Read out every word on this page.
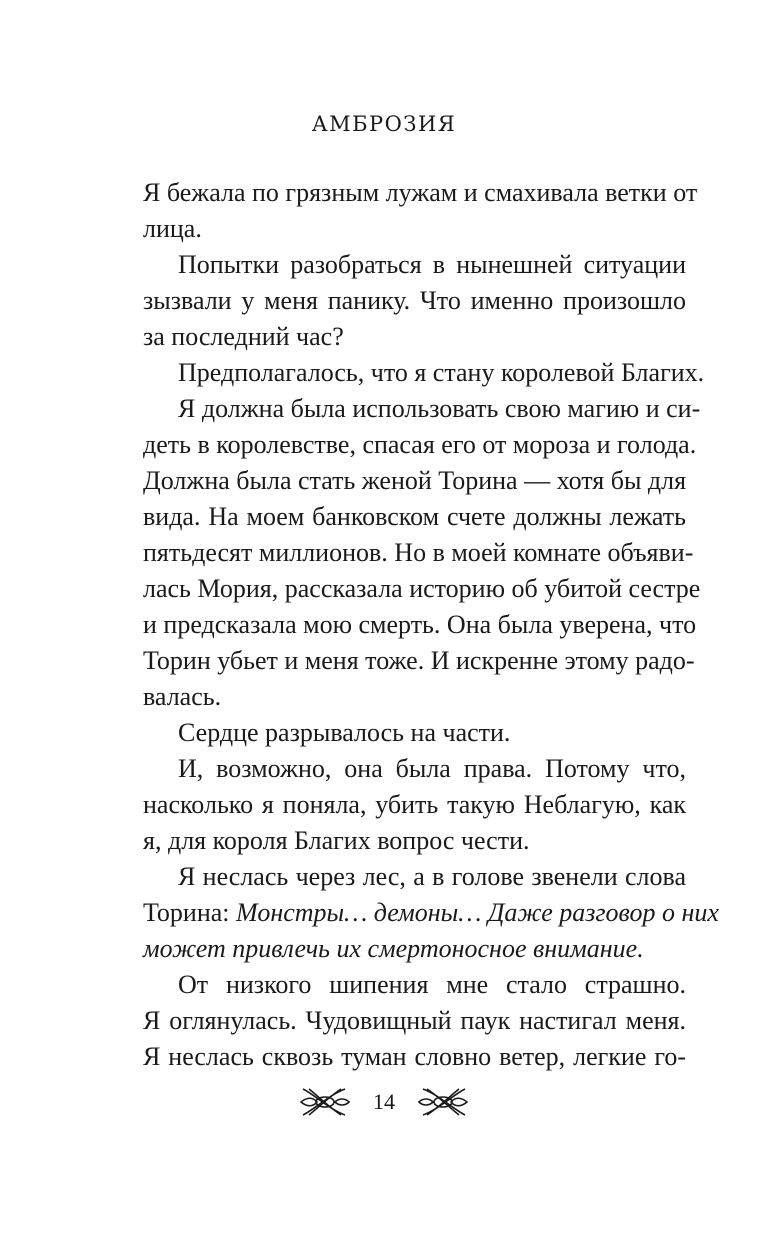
АМБРОЗИЯ
Я бежала по грязным лужам и смахивала ветки от
лица.
Попытки разобраться в нынешней ситуации
зызвали у меня панику. Что именно произошло
за последний час?
Предполагалось, что я стану королевой Благих.
Я должна была использовать свою магию и си-
деть в королевстве, спасая его от мороза и голода.
Должна была стать женой Торина — хотя бы для
вида. На моем банковском счете должны лежать
пятьдесят миллионов. Но в моей комнате объяви-
лась Мория, рассказала историю об убитой сестре
и предсказала мою смерть. Она была уверена, что
Торин убьет и меня тоже. И искренне этому радо-
валась.
Сердце разрывалось на части.
И, возможно, она была права. Потому что,
насколько я поняла, убить такую Неблагую, как
я, для короля Благих вопрос чести.
Я неслась через лес, а в голове звенели слова
Торина: Монстры… демоны… Даже разговор о них
может привлечь их смертоносное внимание.
От низкого шипения мне стало страшно.
Я оглянулась. Чудовищный паук настигал меня.
Я неслась сквозь туман словно ветер, легкие го-
14
